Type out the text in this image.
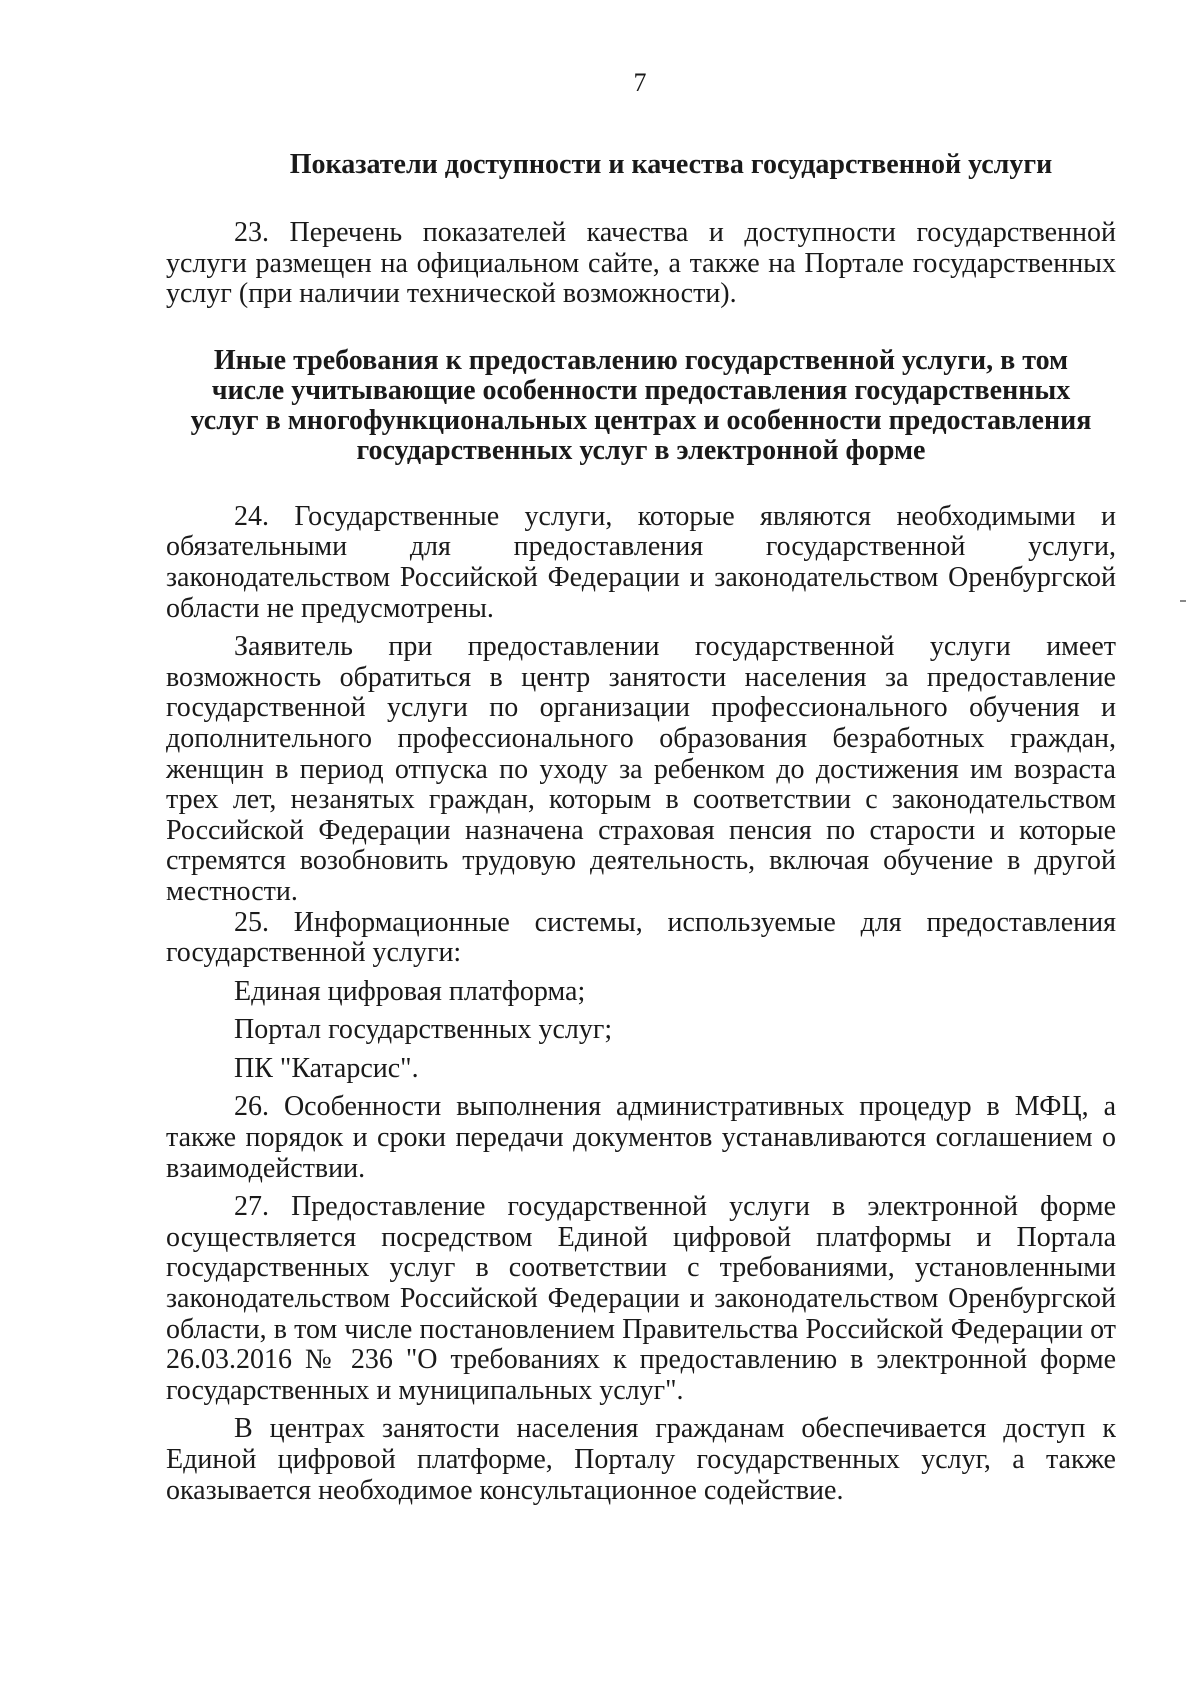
7

Показатели доступности и качества государственной услуги

23. Перечень показателей качества и доступности государственной услуги размещен на официальном сайте, а также на Портале государственных услуг (при наличии технической возможности).

Иные требования к предоставлению государственной услуги, в том
числе учитывающие особенности предоставления государственных
услуг в многофункциональных центрах и особенности предоставления
государственных услуг в электронной форме

24. Государственные услуги, которые являются необходимыми и обязательными для предоставления государственной услуги, законодательством Российской Федерации и законодательством Оренбургской области не предусмотрены.

Заявитель при предоставлении государственной услуги имеет возможность обратиться в центр занятости населения за предоставление государственной услуги по организации профессионального обучения и дополнительного профессионального образования безработных граждан, женщин в период отпуска по уходу за ребенком до достижения им возраста трех лет, незанятых граждан, которым в соответствии с законодательством Российской Федерации назначена страховая пенсия по старости и которые стремятся возобновить трудовую деятельность, включая обучение в другой местности.

25. Информационные системы, используемые для предоставления государственной услуги:

Единая цифровая платформа;

Портал государственных услуг;

ПК "Катарсис".

26. Особенности выполнения административных процедур в МФЦ, а также порядок и сроки передачи документов устанавливаются соглашением о взаимодействии.

27. Предоставление государственной услуги в электронной форме осуществляется посредством Единой цифровой платформы и Портала государственных услуг в соответствии с требованиями, установленными законодательством Российской Федерации и законодательством Оренбургской области, в том числе постановлением Правительства Российской Федерации от 26.03.2016 № 236 "О требованиях к предоставлению в электронной форме государственных и муниципальных услуг".

В центрах занятости населения гражданам обеспечивается доступ к Единой цифровой платформе, Порталу государственных услуг, а также оказывается необходимое консультационное содействие.
